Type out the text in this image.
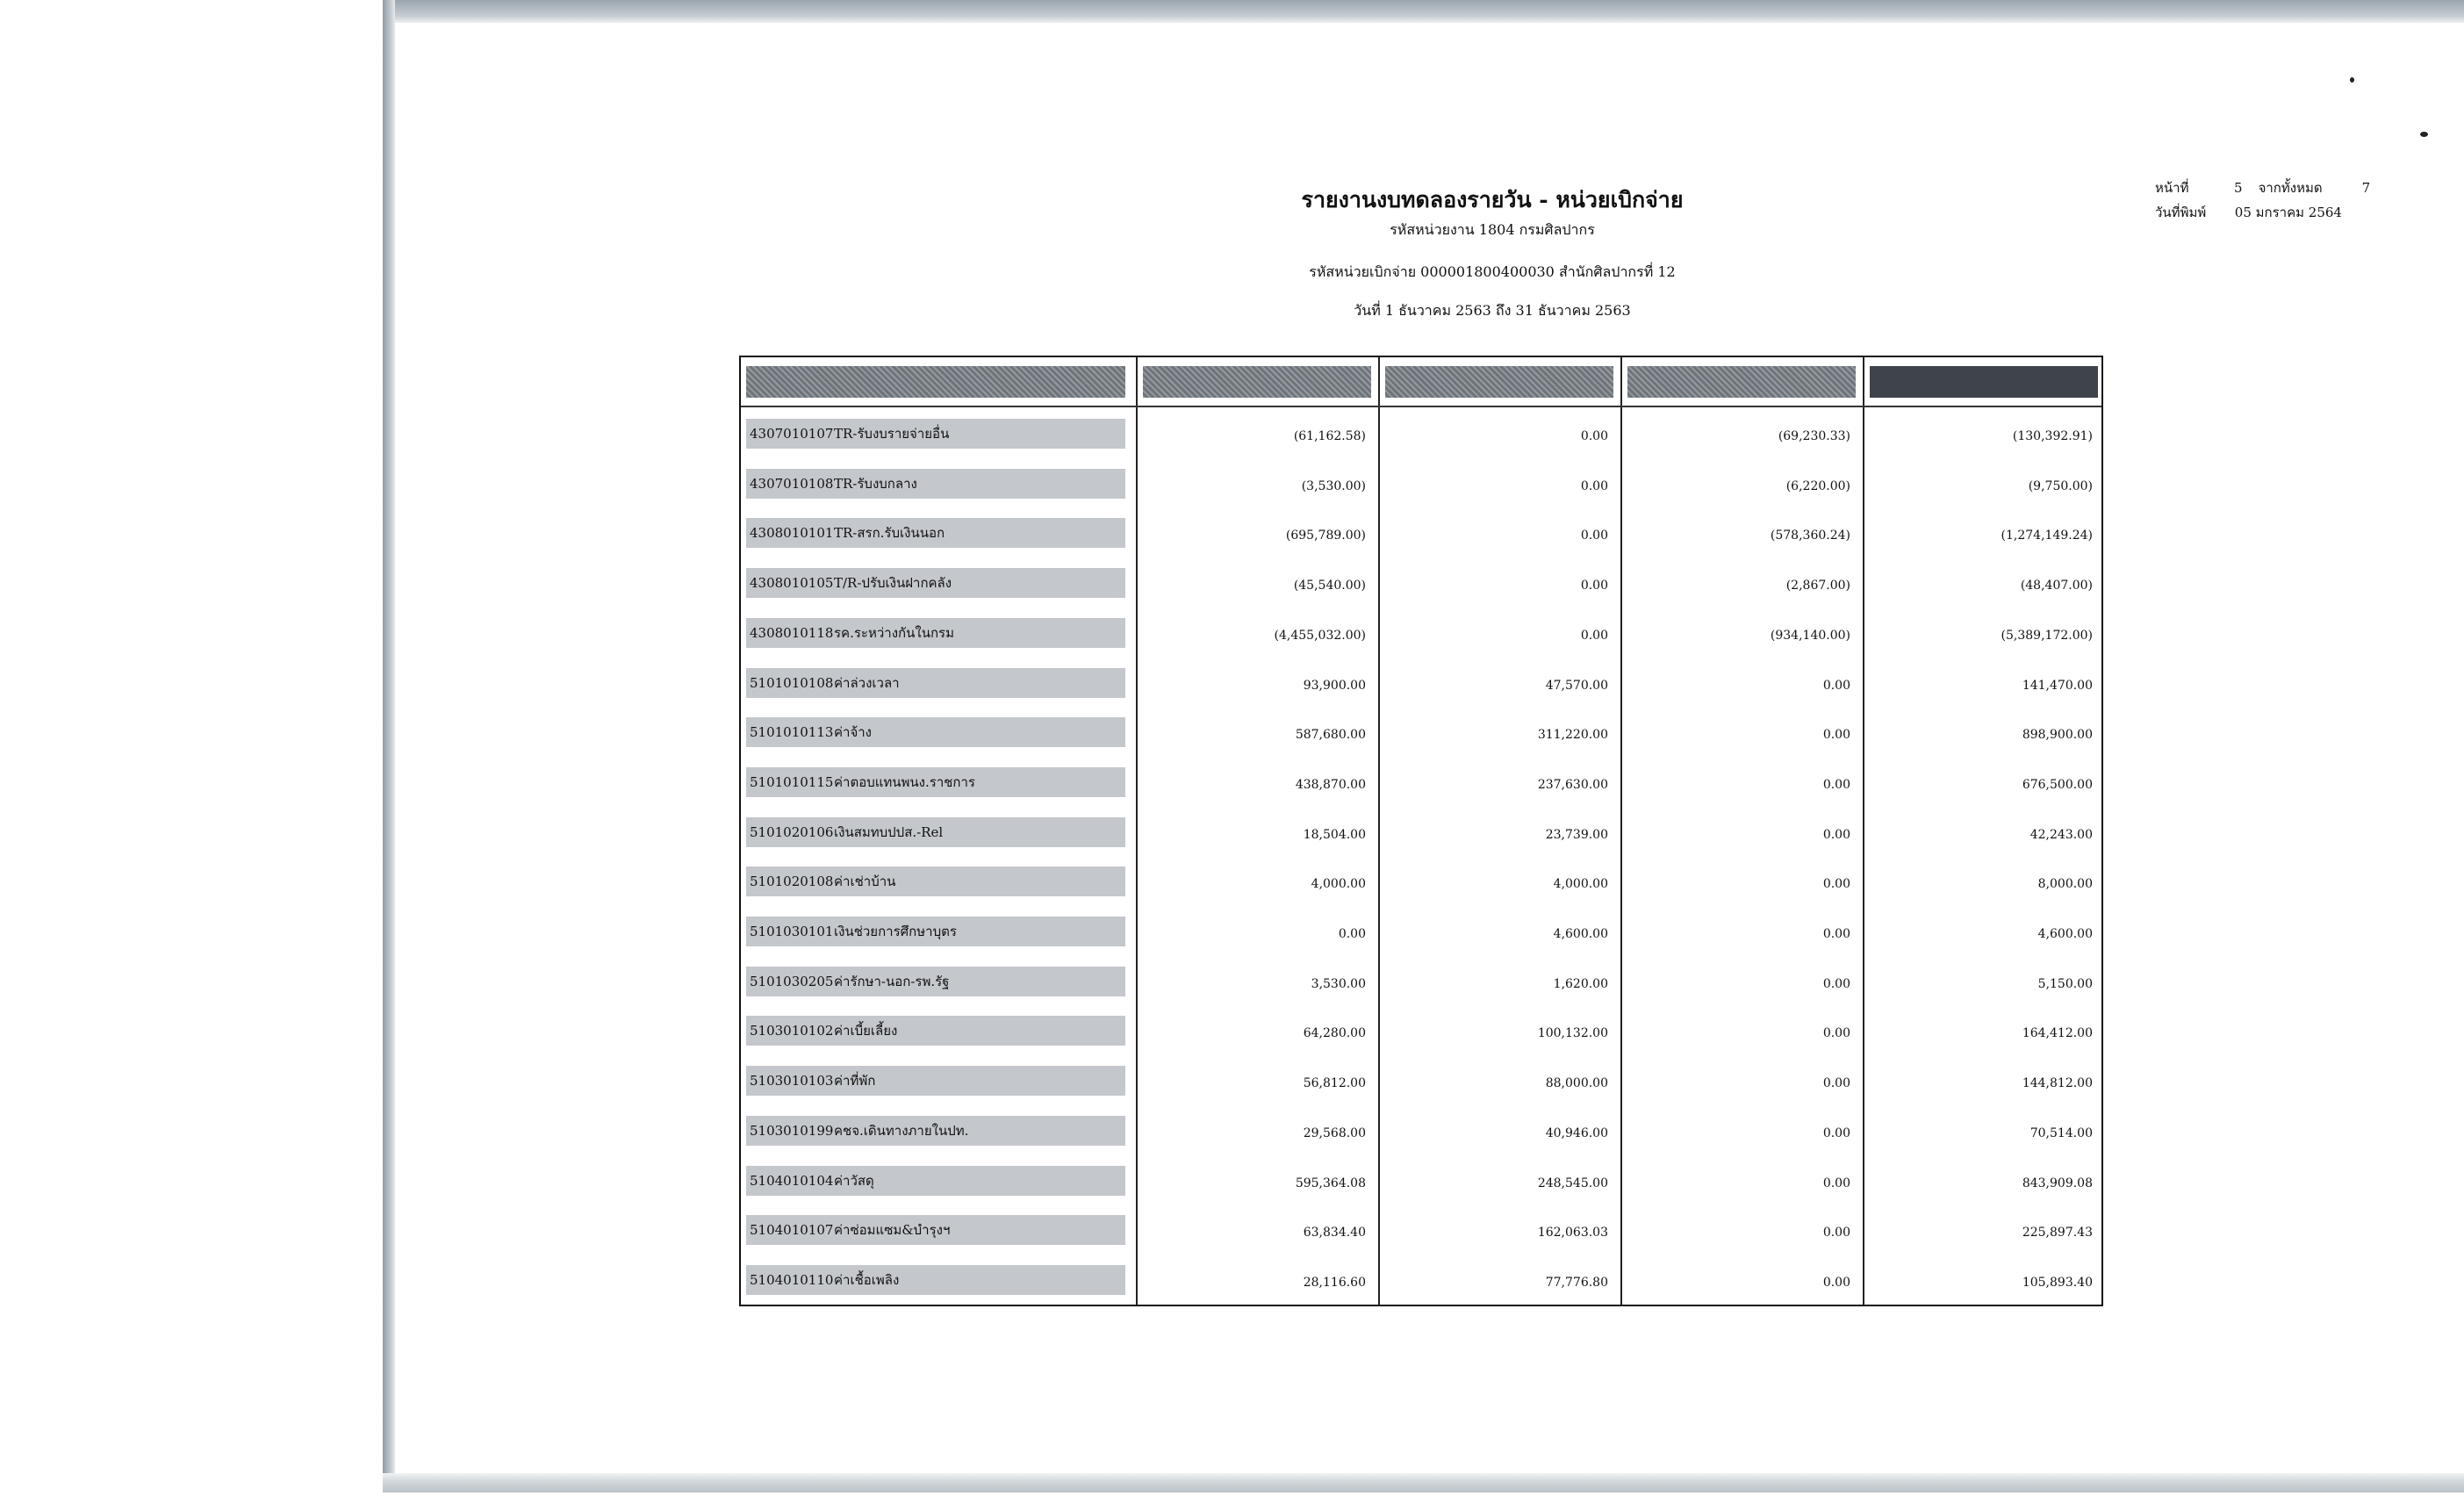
รายงานงบทดลองรายวัน - หน่วยเบิกจ่าย
รหัสหน่วยงาน 1804 กรมศิลปากร
รหัสหน่วยเบิกจ่าย 000001800400030 สำนักศิลปากรที่ 12
วันที่ 1 ธันวาคม 2563 ถึง 31 ธันวาคม 2563
หน้าที่	5 จากทั้งหมด	7
วันที่พิมพ์ 05 มกราคม 2564
4307010107 TR-รับงบรายจ่ายอื่น	(61,162.58)	0.00	(69,230.33)	(130,392.91)
4307010108 TR-รับงบกลาง	(3,530.00)	0.00	(6,220.00)	(9,750.00)
4308010101 TR-สรก.รับเงินนอก	(695,789.00)	0.00	(578,360.24)	(1,274,149.24)
4308010105 T/R-ปรับเงินฝากคลัง	(45,540.00)	0.00	(2,867.00)	(48,407.00)
4308010118 รค.ระหว่างกันในกรม	(4,455,032.00)	0.00	(934,140.00)	(5,389,172.00)
5101010108 ค่าล่วงเวลา	93,900.00	47,570.00	0.00	141,470.00
5101010113 ค่าจ้าง	587,680.00	311,220.00	0.00	898,900.00
5101010115 ค่าตอบแทนพนง.ราชการ	438,870.00	237,630.00	0.00	676,500.00
5101020106 เงินสมทบปปส.-Rel	18,504.00	23,739.00	0.00	42,243.00
5101020108 ค่าเช่าบ้าน	4,000.00	4,000.00	0.00	8,000.00
5101030101 เงินช่วยการศึกษาบุตร	0.00	4,600.00	0.00	4,600.00
5101030205 ค่ารักษา-นอก-รพ.รัฐ	3,530.00	1,620.00	0.00	5,150.00
5103010102 ค่าเบี้ยเลี้ยง	64,280.00	100,132.00	0.00	164,412.00
5103010103 ค่าที่พัก	56,812.00	88,000.00	0.00	144,812.00
5103010199 คชจ.เดินทางภายในปท.	29,568.00	40,946.00	0.00	70,514.00
5104010104 ค่าวัสดุ	595,364.08	248,545.00	0.00	843,909.08
5104010107 ค่าซ่อมแซม&บำรุงฯ	63,834.40	162,063.03	0.00	225,897.43
5104010110 ค่าเชื้อเพลิง	28,116.60	77,776.80	0.00	105,893.40
